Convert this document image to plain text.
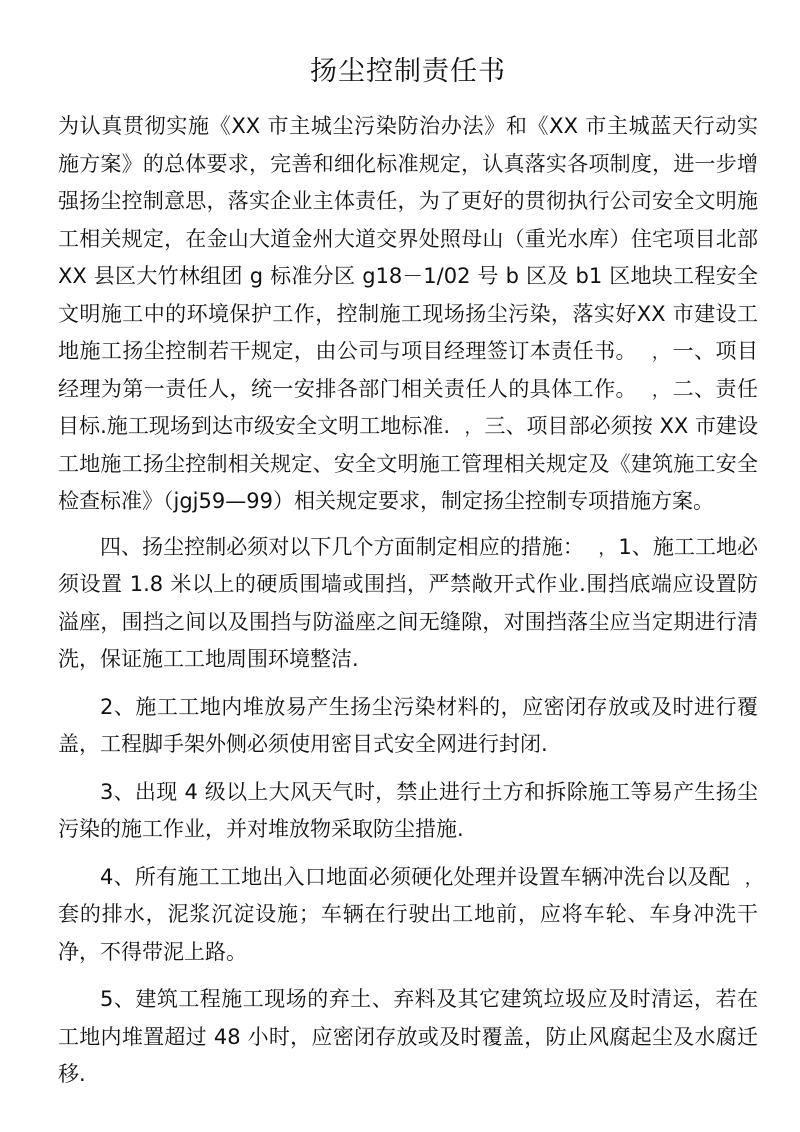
扬尘控制责任书

为认真贯彻实施《XX 市主城尘污染防治办法》和《XX 市主城蓝天行动实施方案》的总体要求，完善和细化标准规定，认真落实各项制度，进一步增强扬尘控制意思，落实企业主体责任，为了更好的贯彻执行公司安全文明施工相关规定，在金山大道金州大道交界处照母山（重光水库）住宅项目北部 XX 县区大竹林组团 g 标准分区 g18－1/02 号 b 区及 b1 区地块工程安全文明施工中的环境保护工作，控制施工现场扬尘污染，落实好XX 市建设工地施工扬尘控制若干规定，由公司与项目经理签订本责任书。 ﹐ 一、项目经理为第一责任人，统一安排各部门相关责任人的具体工作。 ﹐ 二、责任目标.施工现场到达市级安全文明工地标准. ﹐ 三、项目部必须按 XX 市建设工地施工扬尘控制相关规定、安全文明施工管理相关规定及《建筑施工安全检查标准》（jgj59—99）相关规定要求，制定扬尘控制专项措施方案。

四、扬尘控制必须对以下几个方面制定相应的措施： ﹐ 1、施工工地必须设置 1.8 米以上的硬质围墙或围挡，严禁敞开式作业.围挡底端应设置防溢座，围挡之间以及围挡与防溢座之间无缝隙，对围挡落尘应当定期进行清洗，保证施工工地周围环境整洁.

2、施工工地内堆放易产生扬尘污染材料的，应密闭存放或及时进行覆盖，工程脚手架外侧必须使用密目式安全网进行封闭.

3、出现 4 级以上大风天气时，禁止进行土方和拆除施工等易产生扬尘污染的施工作业，并对堆放物采取防尘措施.

4、所有施工工地出入口地面必须硬化处理并设置车辆冲洗台以及配 ﹐ 套的排水，泥浆沉淀设施；车辆在行驶出工地前，应将车轮、车身冲洗干净，不得带泥上路。

5、建筑工程施工现场的弃土、弃料及其它建筑垃圾应及时清运，若在工地内堆置超过 48 小时，应密闭存放或及时覆盖，防止风腐起尘及水腐迁移.
